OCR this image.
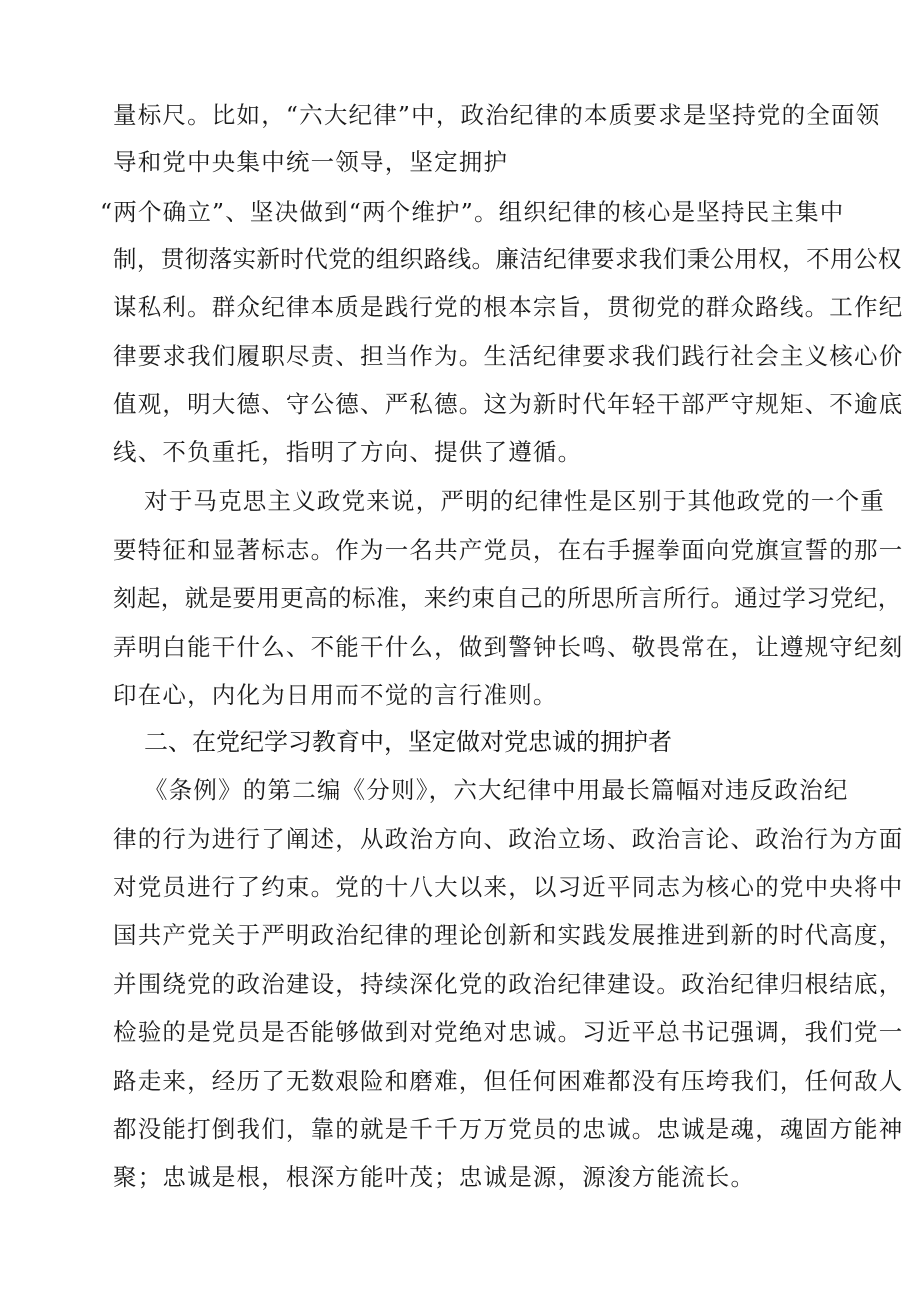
量标尺。比如，“六大纪律”中，政治纪律的本质要求是坚持党的全面领
导和党中央集中统一领导，坚定拥护
“两个确立”、坚决做到“两个维护”。组织纪律的核心是坚持民主集中
制，贯彻落实新时代党的组织路线。廉洁纪律要求我们秉公用权，不用公权
谋私利。群众纪律本质是践行党的根本宗旨，贯彻党的群众路线。工作纪
律要求我们履职尽责、担当作为。生活纪律要求我们践行社会主义核心价
值观，明大德、守公德、严私德。这为新时代年轻干部严守规矩、不逾底
线、不负重托，指明了方向、提供了遵循。
对于马克思主义政党来说，严明的纪律性是区别于其他政党的一个重
要特征和显著标志。作为一名共产党员，在右手握拳面向党旗宣誓的那一
刻起，就是要用更高的标准，来约束自己的所思所言所行。通过学习党纪，
弄明白能干什么、不能干什么，做到警钟长鸣、敬畏常在，让遵规守纪刻
印在心，内化为日用而不觉的言行准则。
二、在党纪学习教育中，坚定做对党忠诚的拥护者
《条例》的第二编《分则》，六大纪律中用最长篇幅对违反政治纪
律的行为进行了阐述，从政治方向、政治立场、政治言论、政治行为方面
对党员进行了约束。党的十八大以来，以习近平同志为核心的党中央将中
国共产党关于严明政治纪律的理论创新和实践发展推进到新的时代高度，
并围绕党的政治建设，持续深化党的政治纪律建设。政治纪律归根结底，
检验的是党员是否能够做到对党绝对忠诚。习近平总书记强调，我们党一
路走来，经历了无数艰险和磨难，但任何困难都没有压垮我们，任何敌人
都没能打倒我们，靠的就是千千万万党员的忠诚。忠诚是魂，魂固方能神
聚；忠诚是根，根深方能叶茂；忠诚是源，源浚方能流长。
